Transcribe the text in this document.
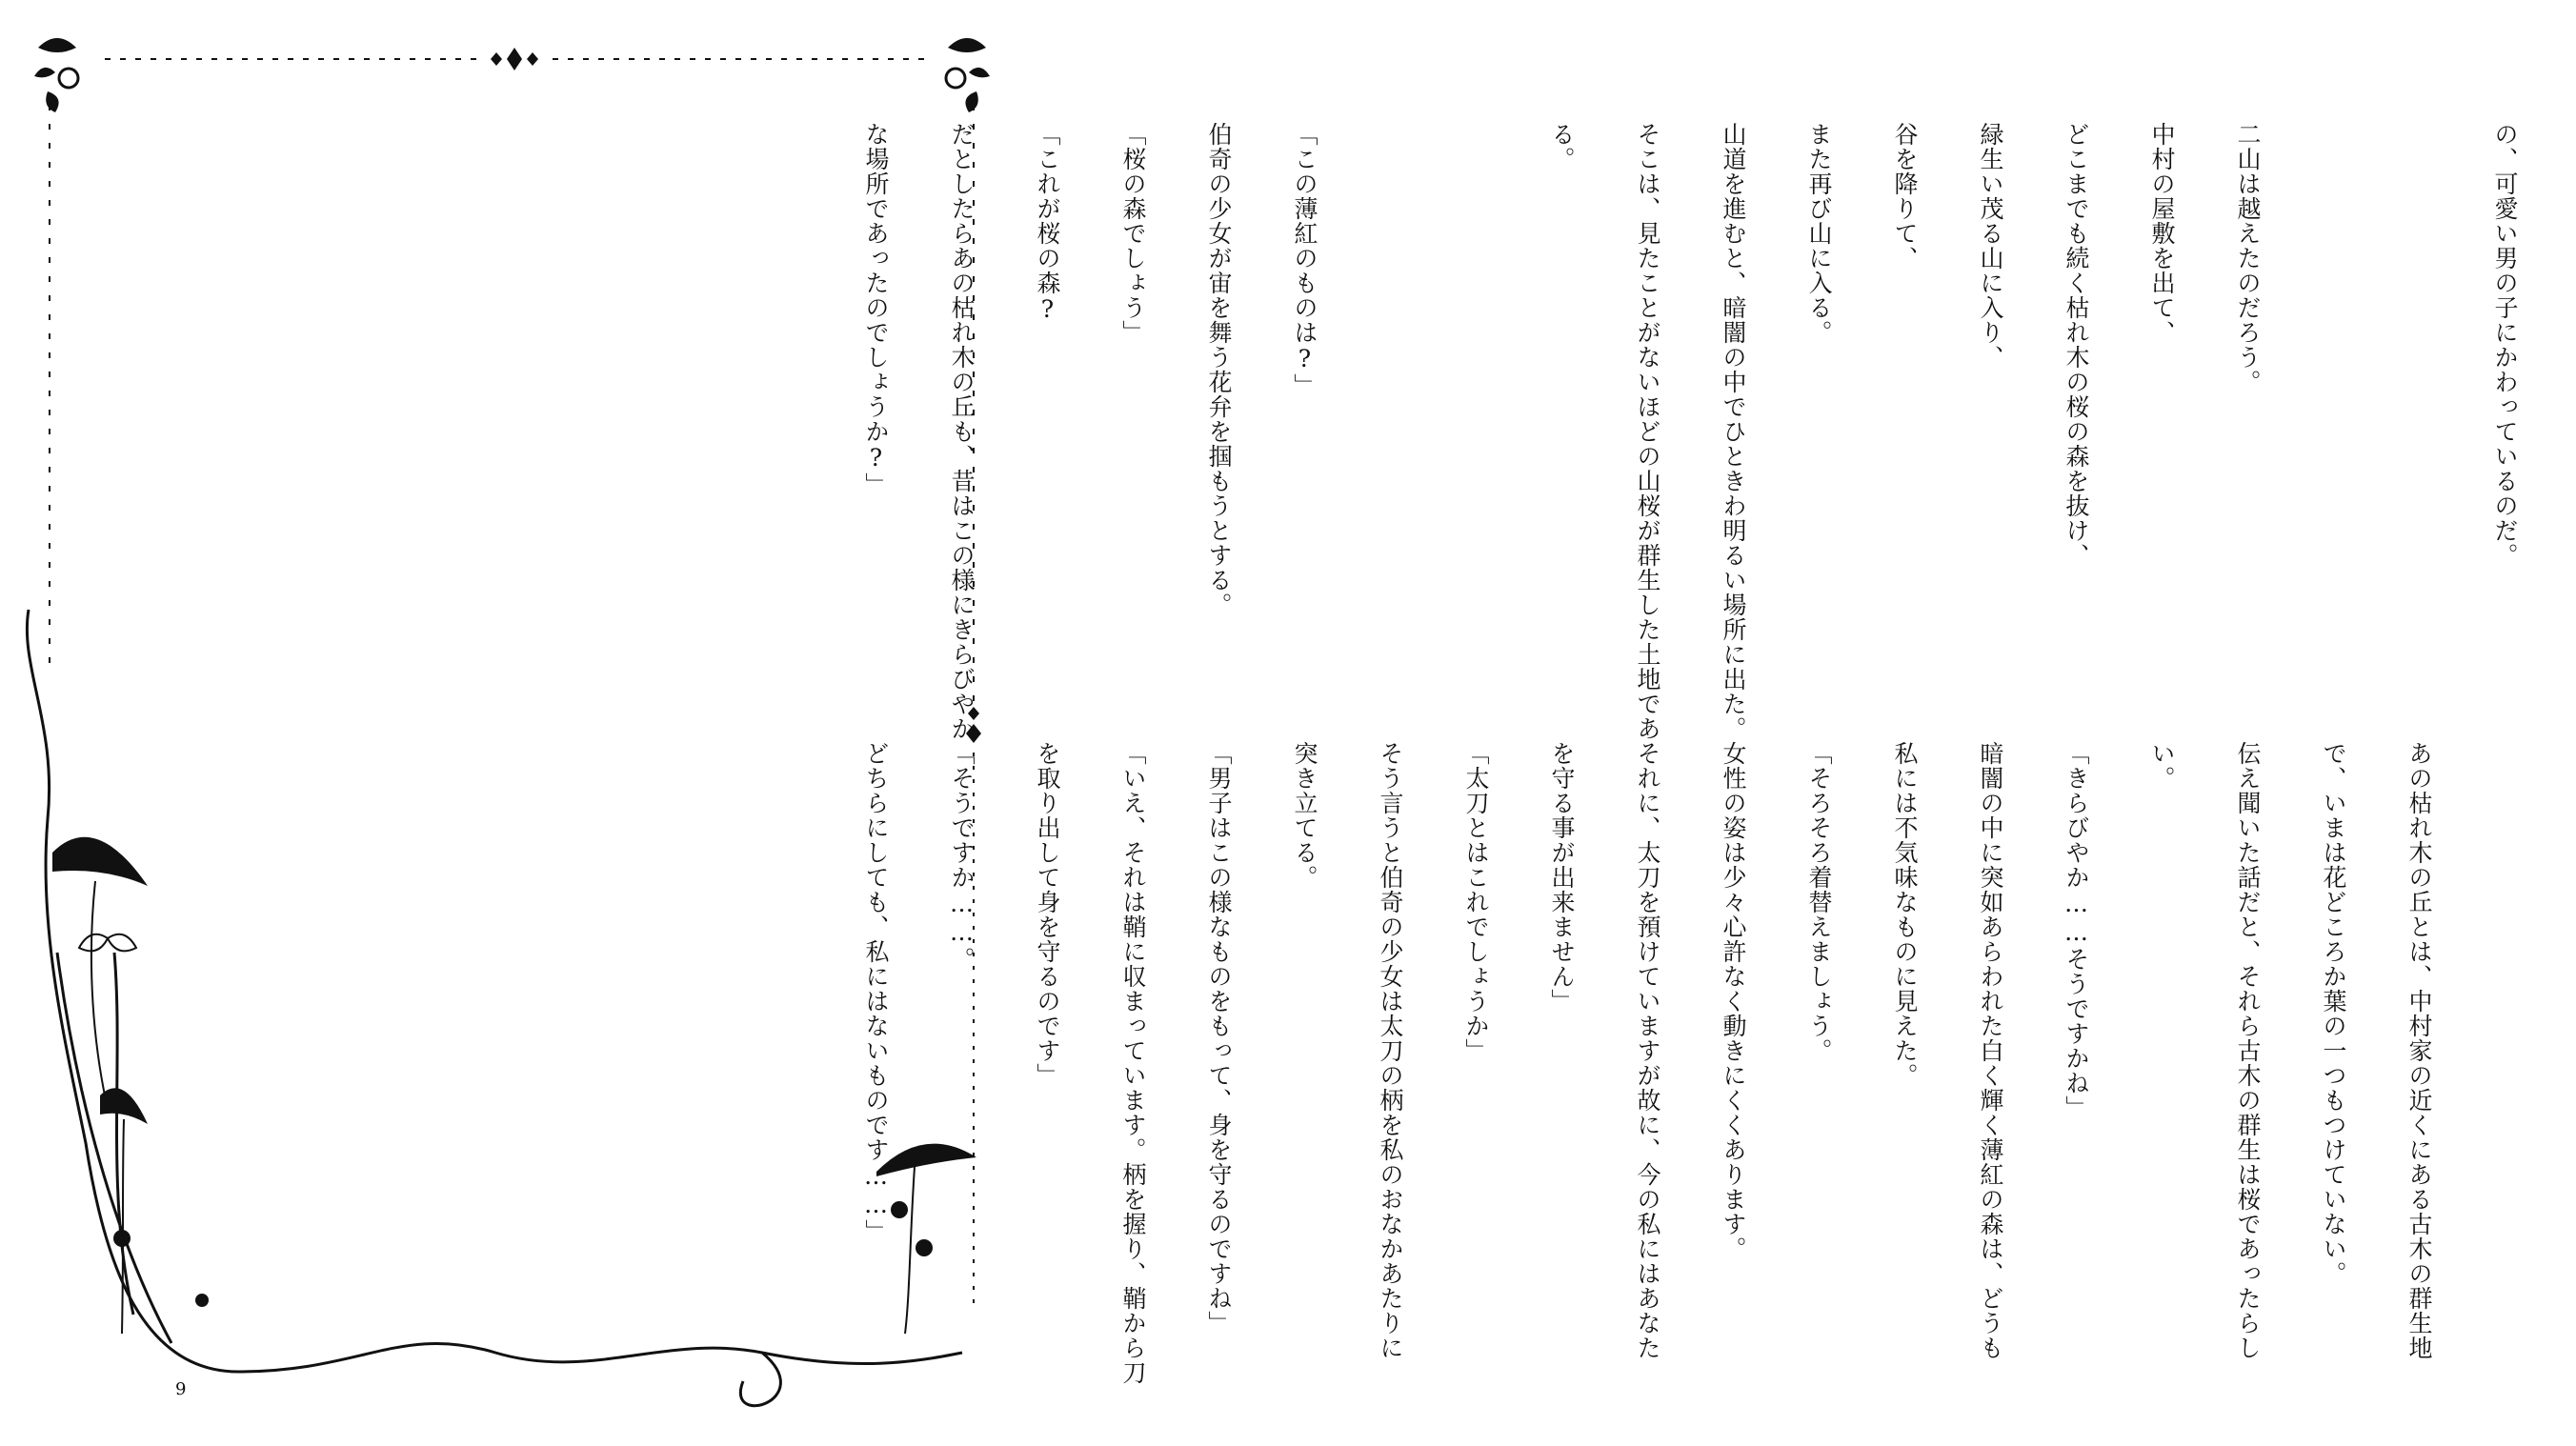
の、可愛い男の子にかわっているのだ。

二山は越えたのだろう。

中村の屋敷を出て、

どこまでも続く枯れ木の桜の森を抜け、

緑生い茂る山に入り、

谷を降りて、

また再び山に入る。

山道を進むと、暗闇の中でひときわ明るい場所に出た。

そこは、見たことがないほどの山桜が群生した土地であ

る。

「この薄紅のものは?」

伯奇の少女が宙を舞う花弁を掴もうとする。

「桜の森でしょう」

「これが桜の森?

だとしたらあの枯れ木の丘も、昔はこの様にきらびやか

な場所であったのでしょうか?」

あの枯れ木の丘とは、中村家の近くにある古木の群生地

で、いまは花どころか葉の一つもつけていない。

伝え聞いた話だと、それら古木の群生は桜であったらし

い。

「きらびやか……そうですかね」

暗闇の中に突如あらわれた白く輝く薄紅の森は、どうも

私には不気味なものに見えた。

「そろそろ着替えましょう。

女性の姿は少々心許なく動きにくくあります。

それに、太刀を預けていますが故に、今の私にはあなた

を守る事が出来ません」

「太刀とはこれでしょうか」

そう言うと伯奇の少女は太刀の柄を私のおなかあたりに

突き立てる。

「男子はこの様なものをもって、身を守るのですね」

「いえ、それは鞘に収まっています。柄を握り、鞘から刀

を取り出して身を守るのです」

「そうですか……。

どちらにしても、私にはないものです……」

9
